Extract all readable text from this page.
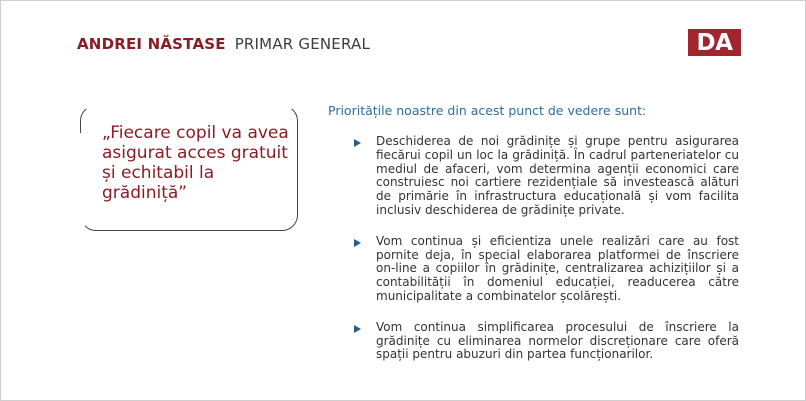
ANDREI NĂSTASE PRIMAR GENERAL	DA
„Fiecare copil va avea asigurat acces gratuit și echitabil la grădiniță”
Prioritățile noastre din acest punct de vedere sunt:
Deschiderea de noi grădinițe și grupe pentru asigurarea fiecărui copil un loc la grădiniță. În cadrul parteneriatelor cu mediul de afaceri, vom determina agenții economici care construiesc noi cartiere rezidențiale să investească alături de primărie în infrastructura educațională și vom facilita inclusiv deschiderea de grădinițe private.
Vom continua și eficientiza unele realizări care au fost pornite deja, în special elaborarea platformei de înscriere on-line a copiilor în grădinițe, centralizarea achizițiilor și a contabilității în domeniul educației, readucerea către municipalitate a combinatelor școlărești.
Vom continua simplificarea procesului de înscriere la grădinițe cu eliminarea normelor discreționare care oferă spații pentru abuzuri din partea funcționarilor.
